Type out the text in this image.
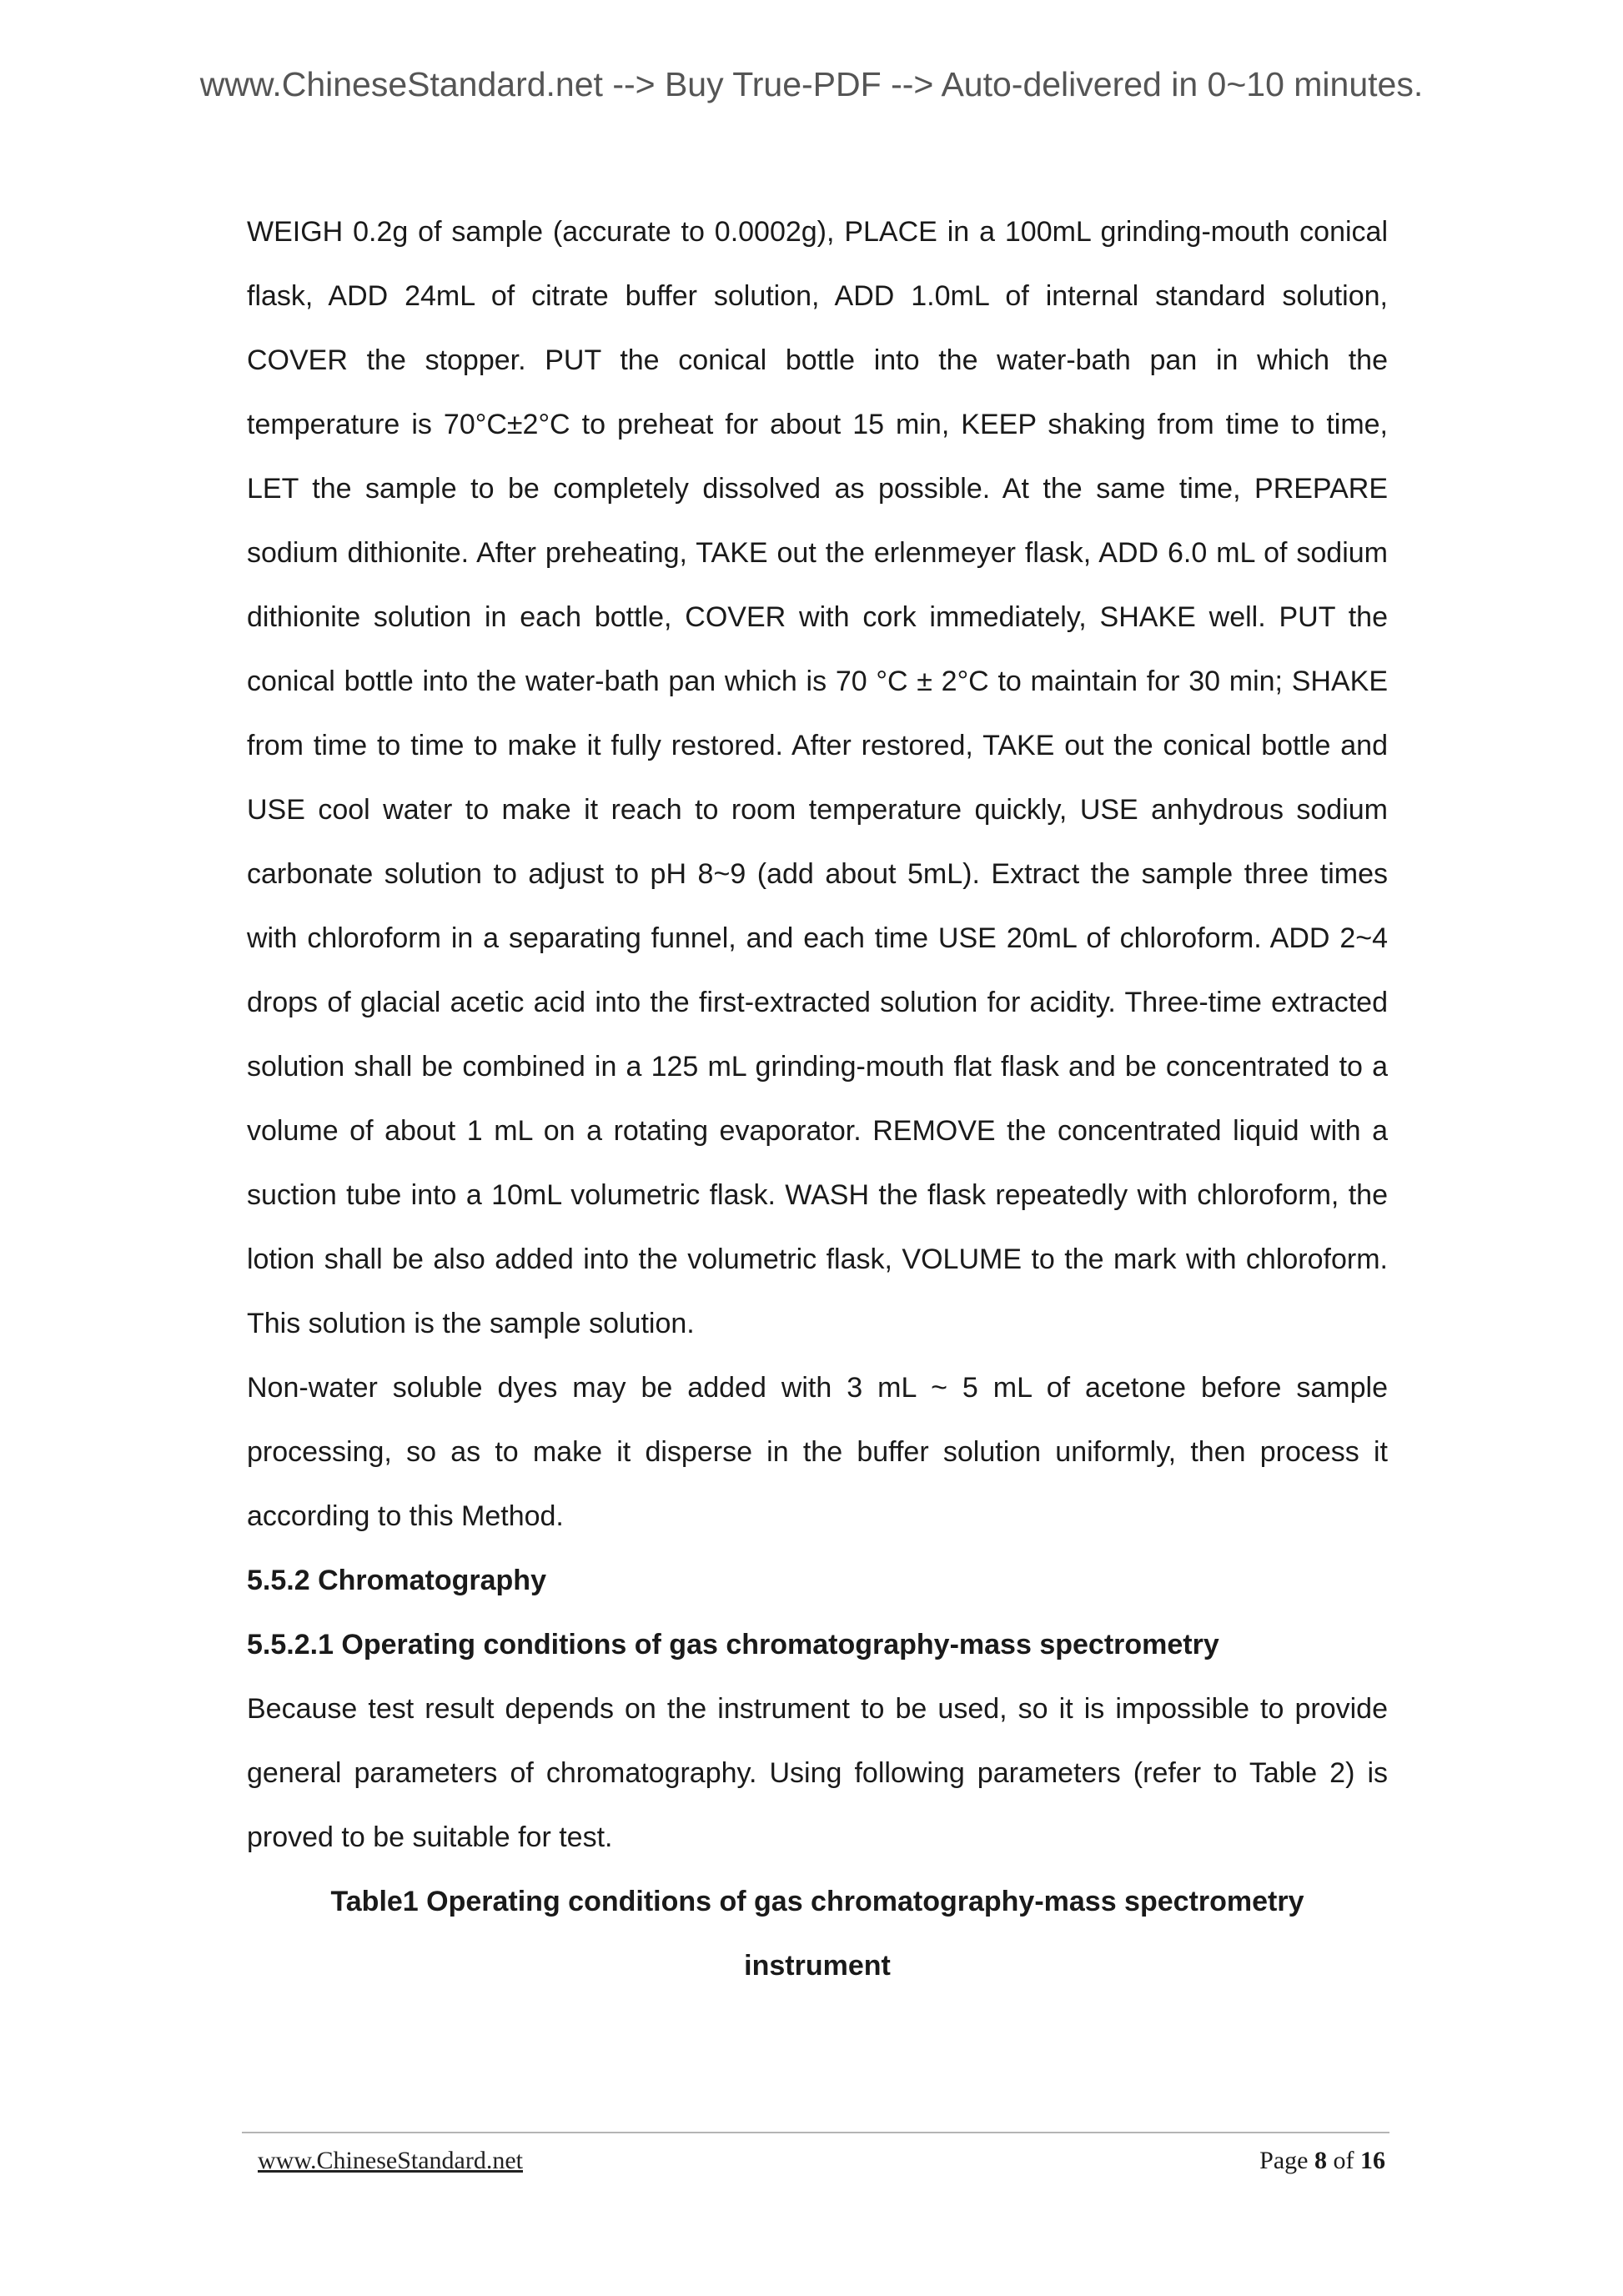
www.ChineseStandard.net --> Buy True-PDF --> Auto-delivered in 0~10 minutes.

WEIGH 0.2g of sample (accurate to 0.0002g), PLACE in a 100mL grinding-mouth conical flask, ADD 24mL of citrate buffer solution, ADD 1.0mL of internal standard solution, COVER the stopper. PUT the conical bottle into the water-bath pan in which the temperature is 70°C±2°C to preheat for about 15 min, KEEP shaking from time to time, LET the sample to be completely dissolved as possible. At the same time, PREPARE sodium dithionite. After preheating, TAKE out the erlenmeyer flask, ADD 6.0 mL of sodium dithionite solution in each bottle, COVER with cork immediately, SHAKE well. PUT the conical bottle into the water-bath pan which is 70 °C ± 2°C to maintain for 30 min; SHAKE from time to time to make it fully restored. After restored, TAKE out the conical bottle and USE cool water to make it reach to room temperature quickly, USE anhydrous sodium carbonate solution to adjust to pH 8~9 (add about 5mL). Extract the sample three times with chloroform in a separating funnel, and each time USE 20mL of chloroform. ADD 2~4 drops of glacial acetic acid into the first-extracted solution for acidity. Three-time extracted solution shall be combined in a 125 mL grinding-mouth flat flask and be concentrated to a volume of about 1 mL on a rotating evaporator. REMOVE the concentrated liquid with a suction tube into a 10mL volumetric flask. WASH the flask repeatedly with chloroform, the lotion shall be also added into the volumetric flask, VOLUME to the mark with chloroform. This solution is the sample solution.

Non-water soluble dyes may be added with 3 mL ~ 5 mL of acetone before sample processing, so as to make it disperse in the buffer solution uniformly, then process it according to this Method.

5.5.2 Chromatography
5.5.2.1 Operating conditions of gas chromatography-mass spectrometry

Because test result depends on the instrument to be used, so it is impossible to provide general parameters of chromatography. Using following parameters (refer to Table 2) is proved to be suitable for test.

Table1 Operating conditions of gas chromatography-mass spectrometry instrument
www.ChineseStandard.net	Page 8 of 16
